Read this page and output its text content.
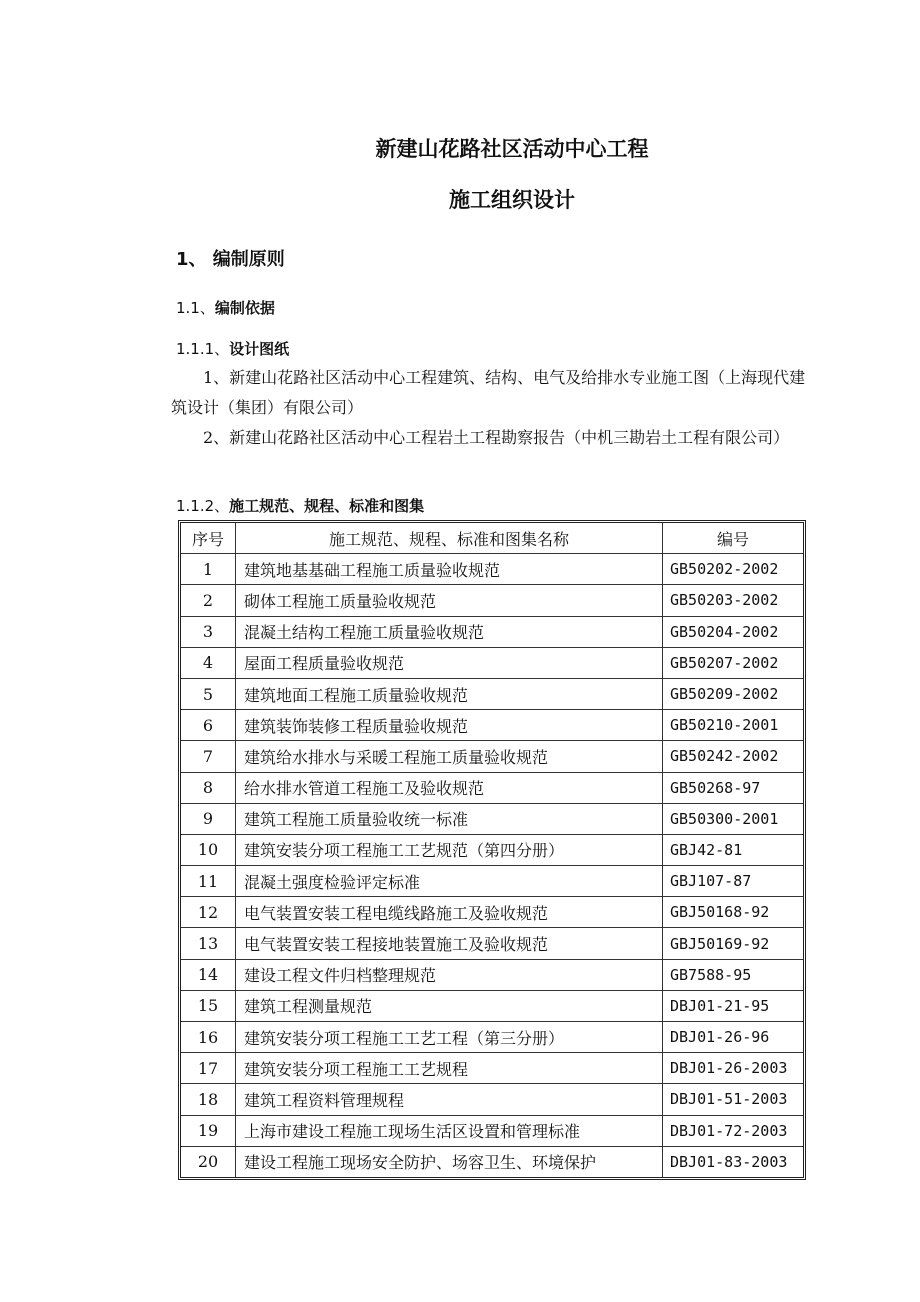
新建山花路社区活动中心工程
施工组织设计
1、 编制原则
1.1、编制依据
1.1.1、设计图纸

1、新建山花路社区活动中心工程建筑、结构、电气及给排水专业施工图（上海现代建筑设计（集团）有限公司）

2、新建山花路社区活动中心工程岩土工程勘察报告（中机三勘岩土工程有限公司）

1.1.2、施工规范、规程、标准和图集
序号	施工规范、规程、标准和图集名称	编号
1	建筑地基基础工程施工质量验收规范	GB50202-2002
2	砌体工程施工质量验收规范	GB50203-2002
3	混凝土结构工程施工质量验收规范	GB50204-2002
4	屋面工程质量验收规范	GB50207-2002
5	建筑地面工程施工质量验收规范	GB50209-2002
6	建筑装饰装修工程质量验收规范	GB50210-2001
7	建筑给水排水与采暖工程施工质量验收规范	GB50242-2002
8	给水排水管道工程施工及验收规范	GB50268-97
9	建筑工程施工质量验收统一标准	GB50300-2001
10	建筑安装分项工程施工工艺规范（第四分册）	GBJ42-81
11	混凝土强度检验评定标准	GBJ107-87
12	电气装置安装工程电缆线路施工及验收规范	GBJ50168-92
13	电气装置安装工程接地装置施工及验收规范	GBJ50169-92
14	建设工程文件归档整理规范	GB7588-95
15	建筑工程测量规范	DBJ01-21-95
16	建筑安装分项工程施工工艺工程（第三分册）	DBJ01-26-96
17	建筑安装分项工程施工工艺规程	DBJ01-26-2003
18	建筑工程资料管理规程	DBJ01-51-2003
19	上海市建设工程施工现场生活区设置和管理标准	DBJ01-72-2003
20	建设工程施工现场安全防护、场容卫生、环境保护	DBJ01-83-2003
